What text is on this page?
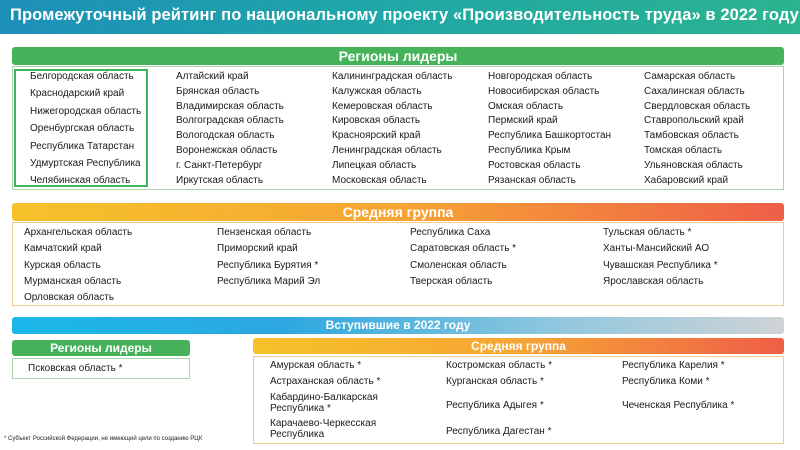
Промежуточный рейтинг по национальному проекту «Производительность труда» в 2022 году
Регионы лидеры
Белгородская область
Краснодарский край
Нижегородская область
Оренбургская область
Республика Татарстан
Удмуртская Республика
Челябинская область
Алтайский край
Брянская область
Владимирская область
Волгоградская область
Вологодская область
Воронежская область
г. Санкт-Петербург
Иркутская область
Калининградская область
Калужская область
Кемеровская область
Кировская область
Красноярский край
Ленинградская область
Липецкая область
Московская область
Новгородская область
Новосибирская область
Омская область
Пермский край
Республика Башкортостан
Республика Крым
Ростовская область
Рязанская область
Самарская область
Сахалинская область
Свердловская область
Ставропольский край
Тамбовская область
Томская область
Ульяновская область
Хабаровский край
Средняя группа
Архангельская область
Камчатский край
Курская область
Мурманская область
Орловская область
Пензенская область
Приморский край
Республика Бурятия *
Республика Марий Эл
Республика Саха
Саратовская область *
Смоленская область
Тверская область
Тульская область *
Ханты-Мансийский АО
Чувашская Республика *
Ярославская область
Вступившие в 2022 году
Регионы лидеры
Псковская область *
Средняя группа
Амурская область *
Астраханская область *
Кабардино-Балкарская Республика *
Карачаево-Черкесская Республика
Костромская область *
Курганская область *
Республика Адыгея *
Республика Дагестан *
Республика Карелия *
Республика Коми *
Чеченская Республика *
* Субъект Российской Федерации, не имеющий цели по созданию РЦК
